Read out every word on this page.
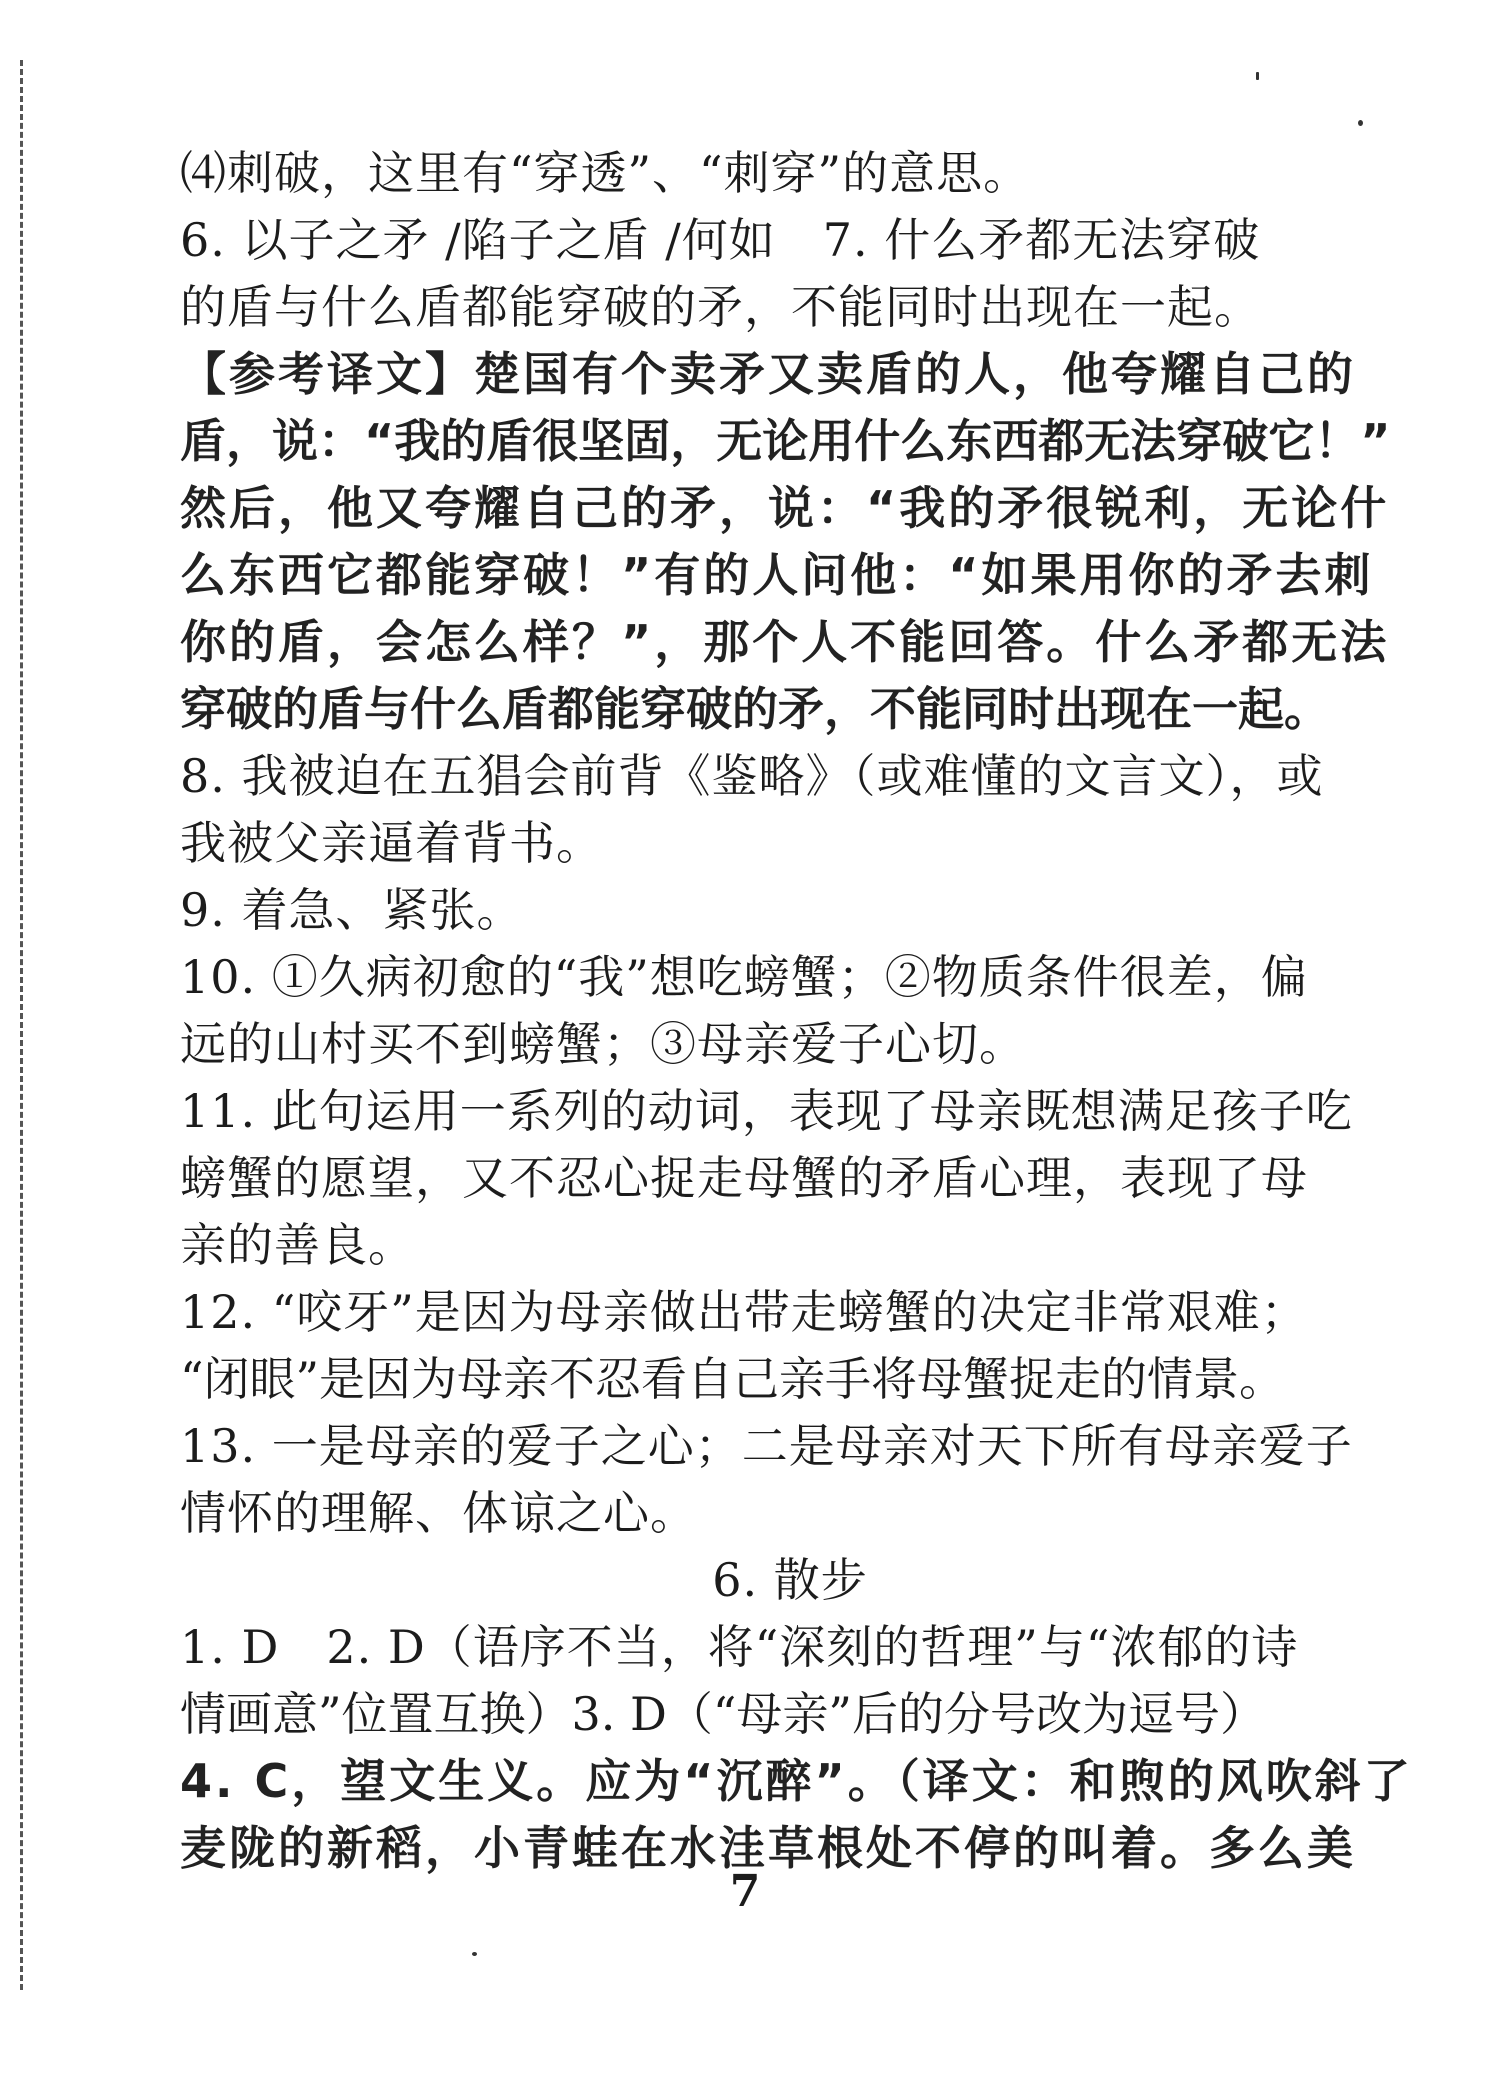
⑷刺破，这里有“穿透”、“刺穿”的意思。
6. 以子之矛 /陷子之盾 /何如　7. 什么矛都无法穿破
的盾与什么盾都能穿破的矛，不能同时出现在一起。
【参考译文】楚国有个卖矛又卖盾的人，他夸耀自己的
盾，说：“我的盾很坚固，无论用什么东西都无法穿破它！”
然后，他又夸耀自己的矛，说：“我的矛很锐利，无论什
么东西它都能穿破！”有的人问他：“如果用你的矛去刺
你的盾，会怎么样？”，那个人不能回答。什么矛都无法
穿破的盾与什么盾都能穿破的矛，不能同时出现在一起。
8. 我被迫在五猖会前背《鉴略》（或难懂的文言文），或
我被父亲逼着背书。
9. 着急、紧张。
10. ①久病初愈的“我”想吃螃蟹；②物质条件很差，偏
远的山村买不到螃蟹；③母亲爱子心切。
11. 此句运用一系列的动词，表现了母亲既想满足孩子吃
螃蟹的愿望，又不忍心捉走母蟹的矛盾心理，表现了母
亲的善良。
12. “咬牙”是因为母亲做出带走螃蟹的决定非常艰难；
“闭眼”是因为母亲不忍看自己亲手将母蟹捉走的情景。
13. 一是母亲的爱子之心；二是母亲对天下所有母亲爱子
情怀的理解、体谅之心。
6. 散步
1. D　2. D（语序不当，将“深刻的哲理”与“浓郁的诗
情画意”位置互换）3. D（“母亲”后的分号改为逗号）
4. C，望文生义。应为“沉醉”。（译文：和煦的风吹斜了
麦陇的新稻，小青蛙在水洼草根处不停的叫着。多么美
7
